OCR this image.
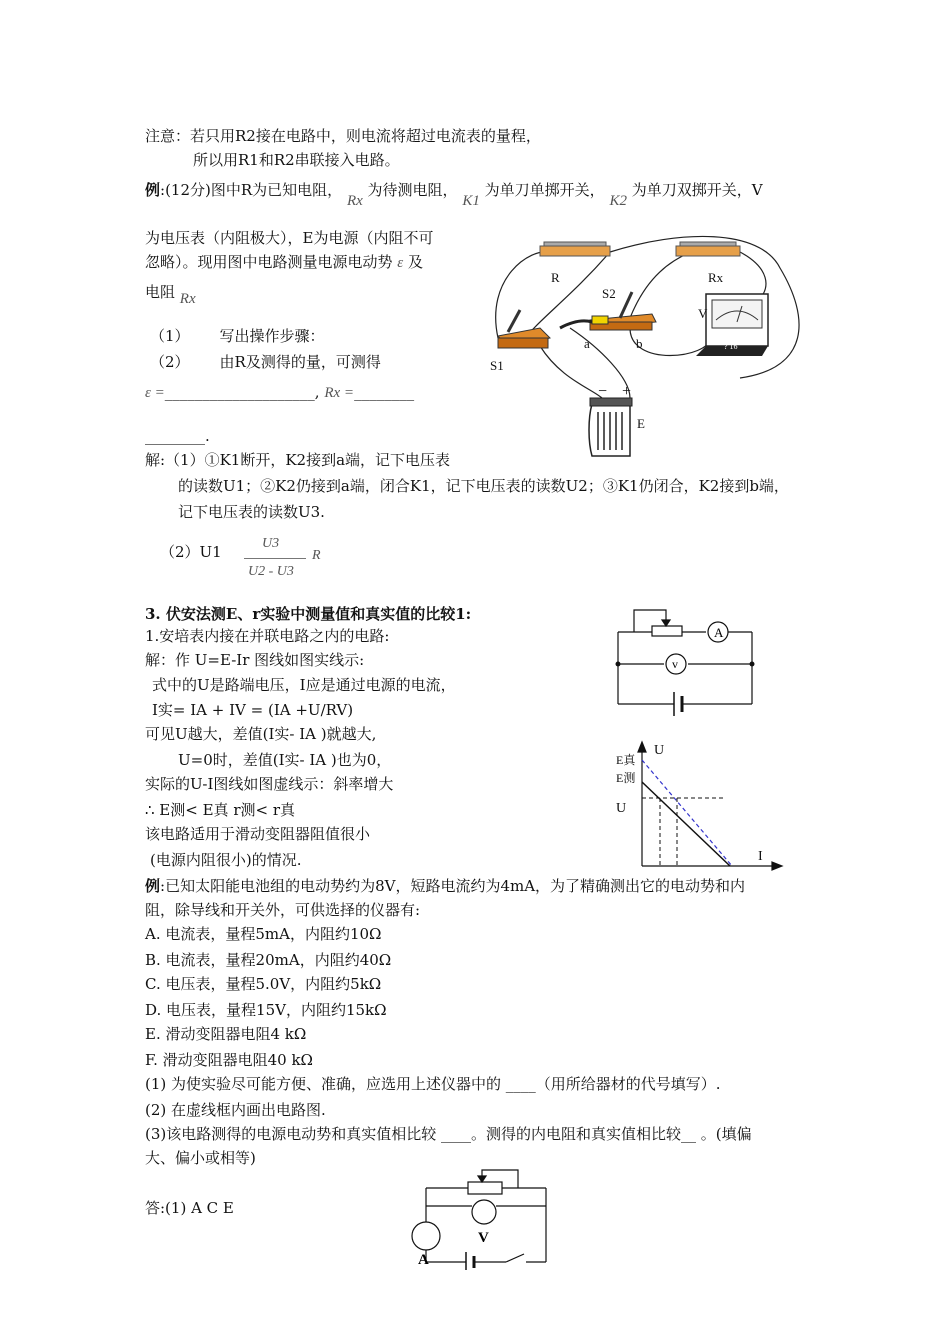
注意：若只用R2接在电路中，则电流将超过电流表的量程，
所以用R1和R2串联接入电路。
例:(12分)图中R为已知电阻， Rx 为待测电阻， K1 为单刀单掷开关， K2 为单刀双掷开关，V
为电压表（内阻极大），E为电源（内阻不可
忽略）。现用图中电路测量电源电动势 ε 及
电阻 Rx
（1） 写出操作步骤：
（2） 由R及测得的量，可测得
ε =____________________, Rx =________
________.
解:（1）①K1断开，K2接到a端，记下电压表
的读数U1；②K2仍接到a端，闭合K1，记下电压表的读数U2；③K1仍闭合，K2接到b端，
记下电压表的读数U3.
（2）U1	U3
U2 - U3
R
? 16
R	Rx
S2
V
a	b
S1
− +
E
3. 伏安法测E、r实验中测量值和真实值的比较1:
1.安培表内接在并联电路之内的电路:
解：作 U=E-Ir 图线如图实线示:
式中的U是路端电压，I应是通过电源的电流，
I实= IA + IV = (IA +U/RV)
可见U越大，差值(I实- IA )就越大,
U=0时，差值(I实- IA )也为0，
实际的U-I图线如图虚线示：斜率增大
∴ E测< E真 r测< r真
该电路适用于滑动变阻器阻值很小
(电源内阻很小)的情况.
A
v
U
I
E真
E测
U
例:已知太阳能电池组的电动势约为8V，短路电流约为4mA，为了精确测出它的电动势和内
阻，除导线和开关外，可供选择的仪器有:
A. 电流表，量程5mA，内阻约10Ω
B. 电流表，量程20mA，内阻约40Ω
C. 电压表，量程5.0V，内阻约5kΩ
D. 电压表，量程15V，内阻约15kΩ
E. 滑动变阻器电阻4 kΩ
F. 滑动变阻器电阻40 kΩ
(1) 为使实验尽可能方便、准确，应选用上述仪器中的 ____（用所给器材的代号填写）.
(2) 在虚线框内画出电路图.
(3)该电路测得的电源电动势和真实值相比较 ____。测得的内电阻和真实值相比较__ 。(填偏
大、偏小或相等)
答:(1) A C E
V
A
